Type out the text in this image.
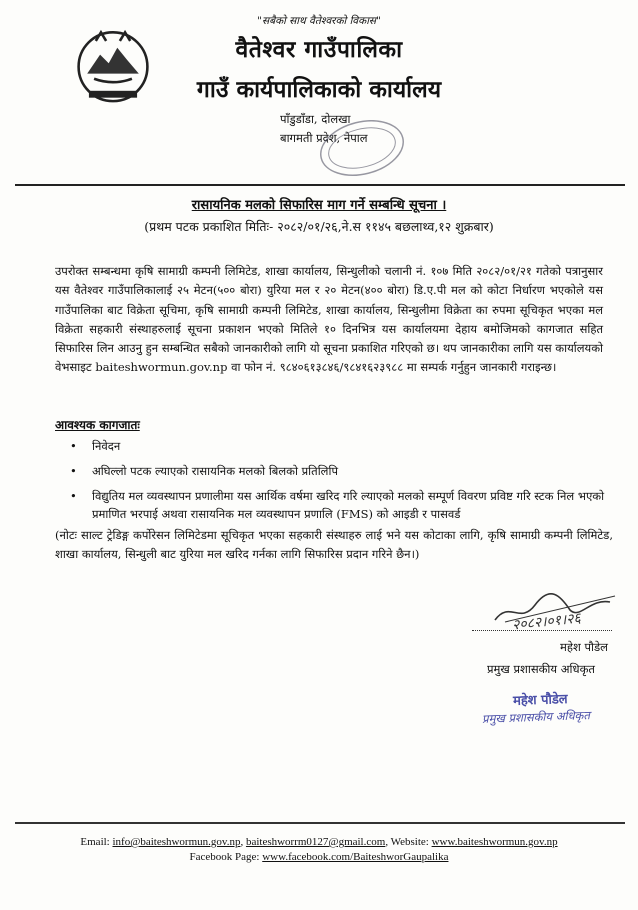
"सबैको साथ वैतेश्वरको विकास"
वैतेश्वर गाउँपालिका
गाउँ कार्यपालिकाको कार्यालय
पाँडुडाँडा, दोलखा
बागमती प्रदेश, नेपाल
रासायनिक मलको सिफारिस माग गर्ने सम्बन्धि सूचना ।
(प्रथम पटक प्रकाशित मितिः- २०८२/०१/२६,ने.स ११४५ बछलाथ्व,१२ शुक्रबार)
उपरोक्त सम्बन्धमा कृषि सामाग्री कम्पनी लिमिटेड, शाखा कार्यालय, सिन्धुलीको चलानी नं. १०७ मिति २०८२/०१/२१ गतेको पत्रानुसार यस वैतेश्वर गाउँपालिकालाई २५ मेटन(५०० बोरा) युरिया मल र २० मेटन(४०० बोरा) डि.ए.पी मल को कोटा निर्धारण भएकोले यस गाउँपालिका बाट विक्रेता सूचिमा, कृषि सामाग्री कम्पनी लिमिटेड, शाखा कार्यालय, सिन्धुलीमा विक्रेता का रुपमा सूचिकृत भएका मल विक्रेता सहकारी संस्थाहरुलाई सूचना प्रकाशन भएको मितिले १० दिनभित्र यस कार्यालयमा देहाय बमोजिमको कागजात सहित सिफारिस लिन आउनु हुन सम्बन्धित सबैको जानकारीको लागि यो सूचना प्रकाशित गरिएको छ। थप जानकारीका लागि यस कार्यालयको वेभसाइट baiteshwormun.gov.np वा फोन नं. ९८४०६१३८४६/९८४१६२३९८८ मा सम्पर्क गर्नुहुन जानकारी गराइन्छ।
आवश्यक कागजातः
• निवेदन
• अघिल्लो पटक ल्याएको रासायनिक मलको बिलको प्रतिलिपि
• विद्युतिय मल व्यवस्थापन प्रणालीमा यस आर्थिक वर्षमा खरिद गरि ल्याएको मलको सम्पूर्ण विवरण प्रविष्ट गरि स्टक निल भएको प्रमाणित भरपाई अथवा रासायनिक मल व्यवस्थापन प्रणालि (FMS) को आइडी र पासवर्ड
(नोटः साल्ट ट्रेडिङ्ग कर्पोरेसन लिमिटेडमा सूचिकृत भएका सहकारी संस्थाहरु लाई भने यस कोटाका लागि, कृषि सामाग्री कम्पनी लिमिटेड, शाखा कार्यालय, सिन्धुली बाट युरिया मल खरिद गर्नका लागि सिफारिस प्रदान गरिने छैन।)
२०८२।०१।२६
महेश पौडेल
प्रमुख प्रशासकीय अधिकृत
महेश पौडेल
प्रमुख प्रशासकीय अधिकृत
Email: info@baiteshwormun.gov.np, baiteshworrm0127@gmail.com, Website: www.baiteshwormun.gov.np
Facebook Page: www.facebook.com/BaiteshworGaupalika
